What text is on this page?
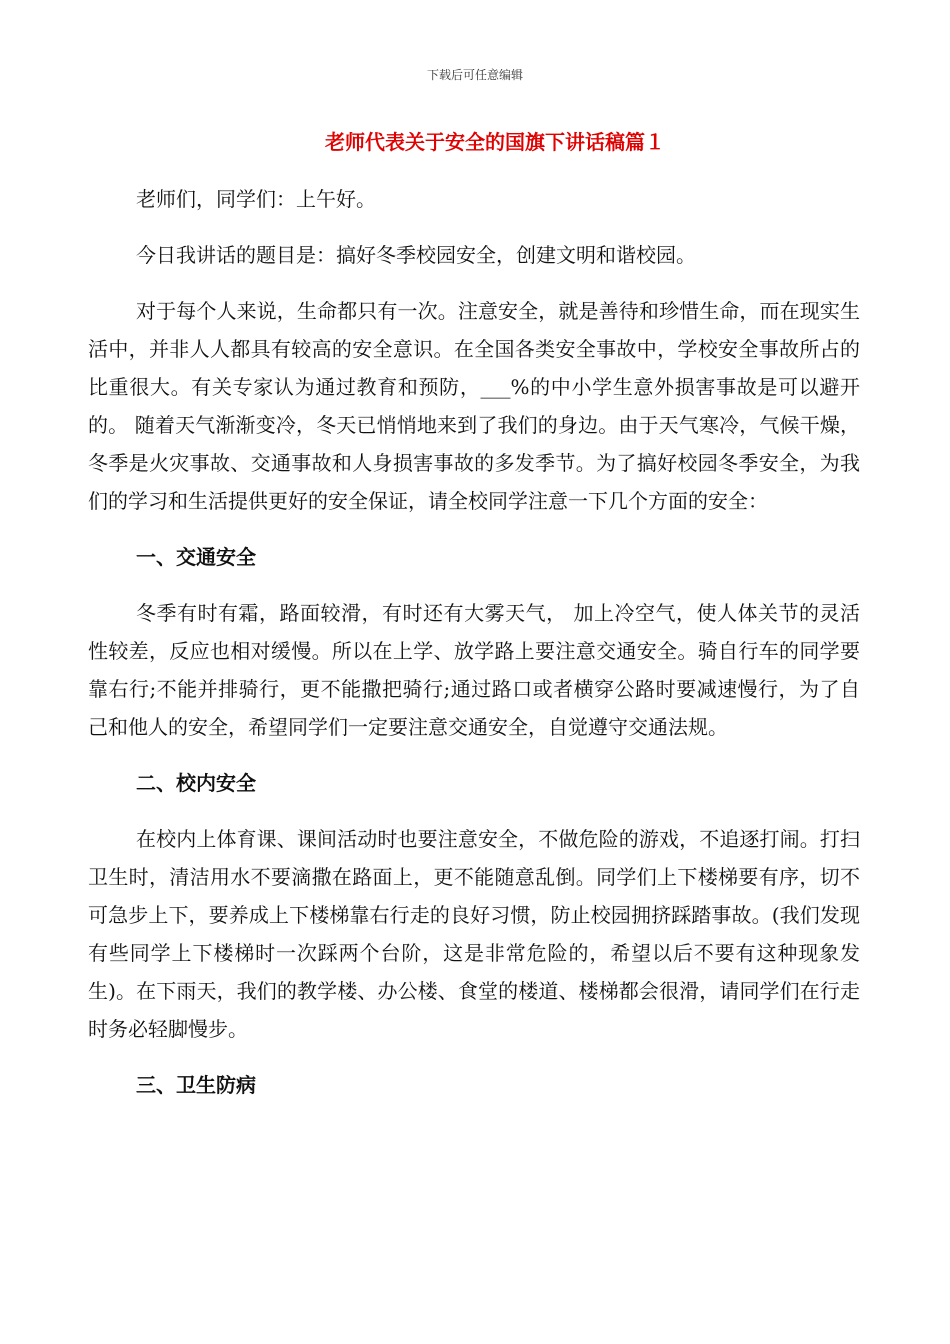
下载后可任意编辑
老师代表关于安全的国旗下讲话稿篇１

老师们，同学们：上午好。

今日我讲话的题目是：搞好冬季校园安全，创建文明和谐校园。

对于每个人来说，生命都只有一次。注意安全，就是善待和珍惜生命，而在现实生活中，并非人人都具有较高的安全意识。在全国各类安全事故中，学校安全事故所占的比重很大。有关专家认为通过教育和预防，___%的中小学生意外损害事故是可以避开的。 随着天气渐渐变冷，冬天已悄悄地来到了我们的身边。由于天气寒冷，气候干燥，冬季是火灾事故、交通事故和人身损害事故的多发季节。为了搞好校园冬季安全，为我们的学习和生活提供更好的安全保证，请全校同学注意一下几个方面的安全：

一、交通安全

冬季有时有霜，路面较滑，有时还有大雾天气， 加上冷空气，使人体关节的灵活性较差，反应也相对缓慢。所以在上学、放学路上要注意交通安全。骑自行车的同学要靠右行;不能并排骑行，更不能撒把骑行;通过路口或者横穿公路时要减速慢行，为了自己和他人的安全，希望同学们一定要注意交通安全，自觉遵守交通法规。

二、校内安全

在校内上体育课、课间活动时也要注意安全，不做危险的游戏，不追逐打闹。打扫卫生时，清洁用水不要滴撒在路面上，更不能随意乱倒。同学们上下楼梯要有序，切不可急步上下，要养成上下楼梯靠右行走的良好习惯，防止校园拥挤踩踏事故。(我们发现有些同学上下楼梯时一次踩两个台阶，这是非常危险的，希望以后不要有这种现象发生)。在下雨天，我们的教学楼、办公楼、食堂的楼道、楼梯都会很滑，请同学们在行走时务必轻脚慢步。

三、卫生防病
